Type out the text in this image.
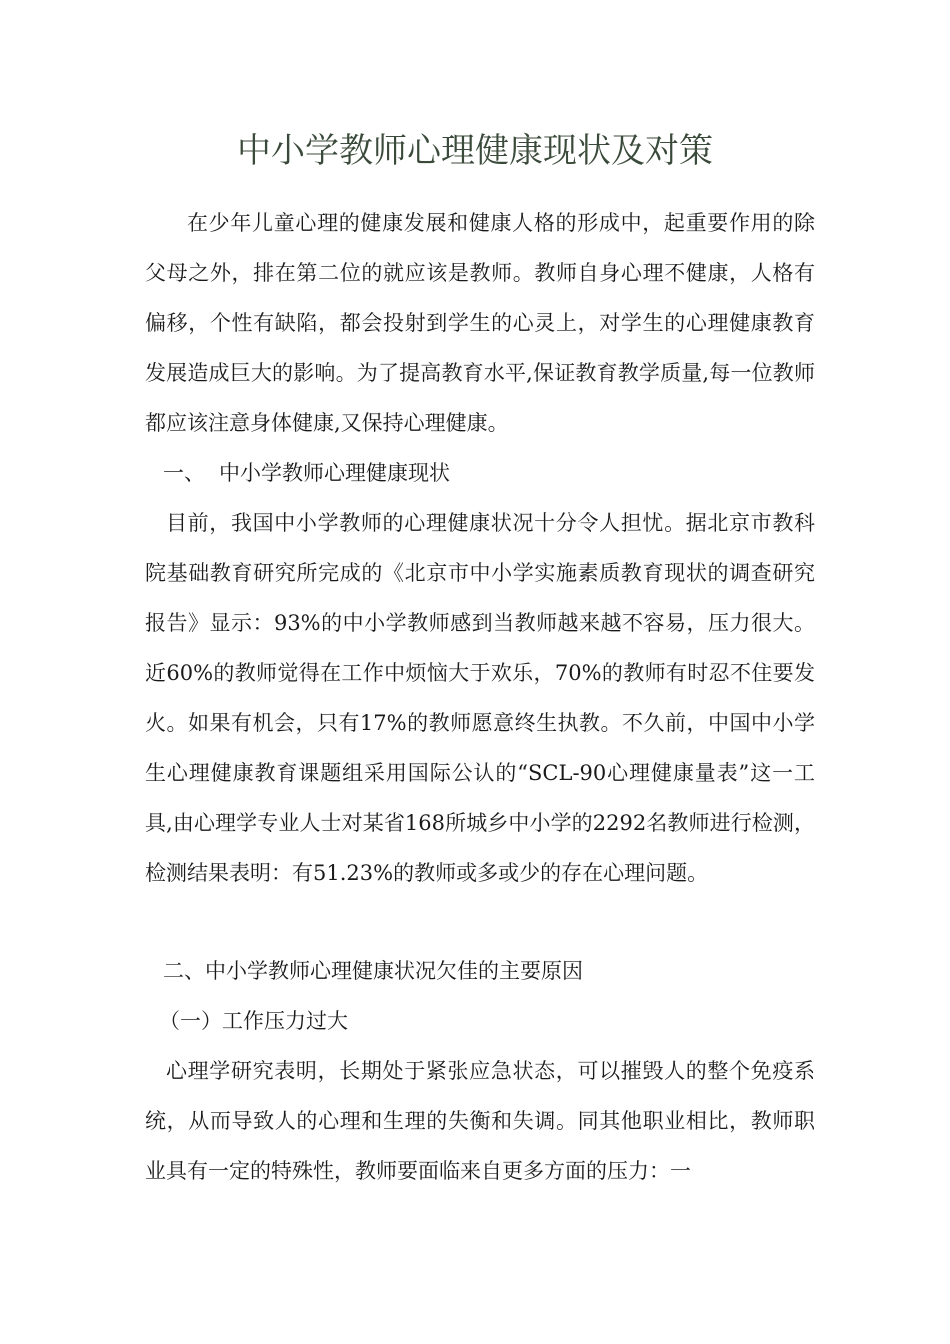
中小学教师心理健康现状及对策

在少年儿童心理的健康发展和健康人格的形成中，起重要作用的除父母之外，排在第二位的就应该是教师。教师自身心理不健康，人格有偏移，个性有缺陷，都会投射到学生的心灵上，对学生的心理健康教育发展造成巨大的影响。为了提高教育水平,保证教育教学质量,每一位教师都应该注意身体健康,又保持心理健康。

一、 中小学教师心理健康现状

目前，我国中小学教师的心理健康状况十分令人担忧。据北京市教科院基础教育研究所完成的《北京市中小学实施素质教育现状的调查研究报告》显示：93%的中小学教师感到当教师越来越不容易，压力很大。近60%的教师觉得在工作中烦恼大于欢乐，70%的教师有时忍不住要发火。如果有机会，只有17%的教师愿意终生执教。不久前，中国中小学生心理健康教育课题组采用国际公认的“SCL-90心理健康量表”这一工具,由心理学专业人士对某省168所城乡中小学的2292名教师进行检测，检测结果表明：有51.23%的教师或多或少的存在心理问题。

二、中小学教师心理健康状况欠佳的主要原因
（一）工作压力过大

心理学研究表明，长期处于紧张应急状态，可以摧毁人的整个免疫系统，从而导致人的心理和生理的失衡和失调。同其他职业相比，教师职业具有一定的特殊性，教师要面临来自更多方面的压力：一
